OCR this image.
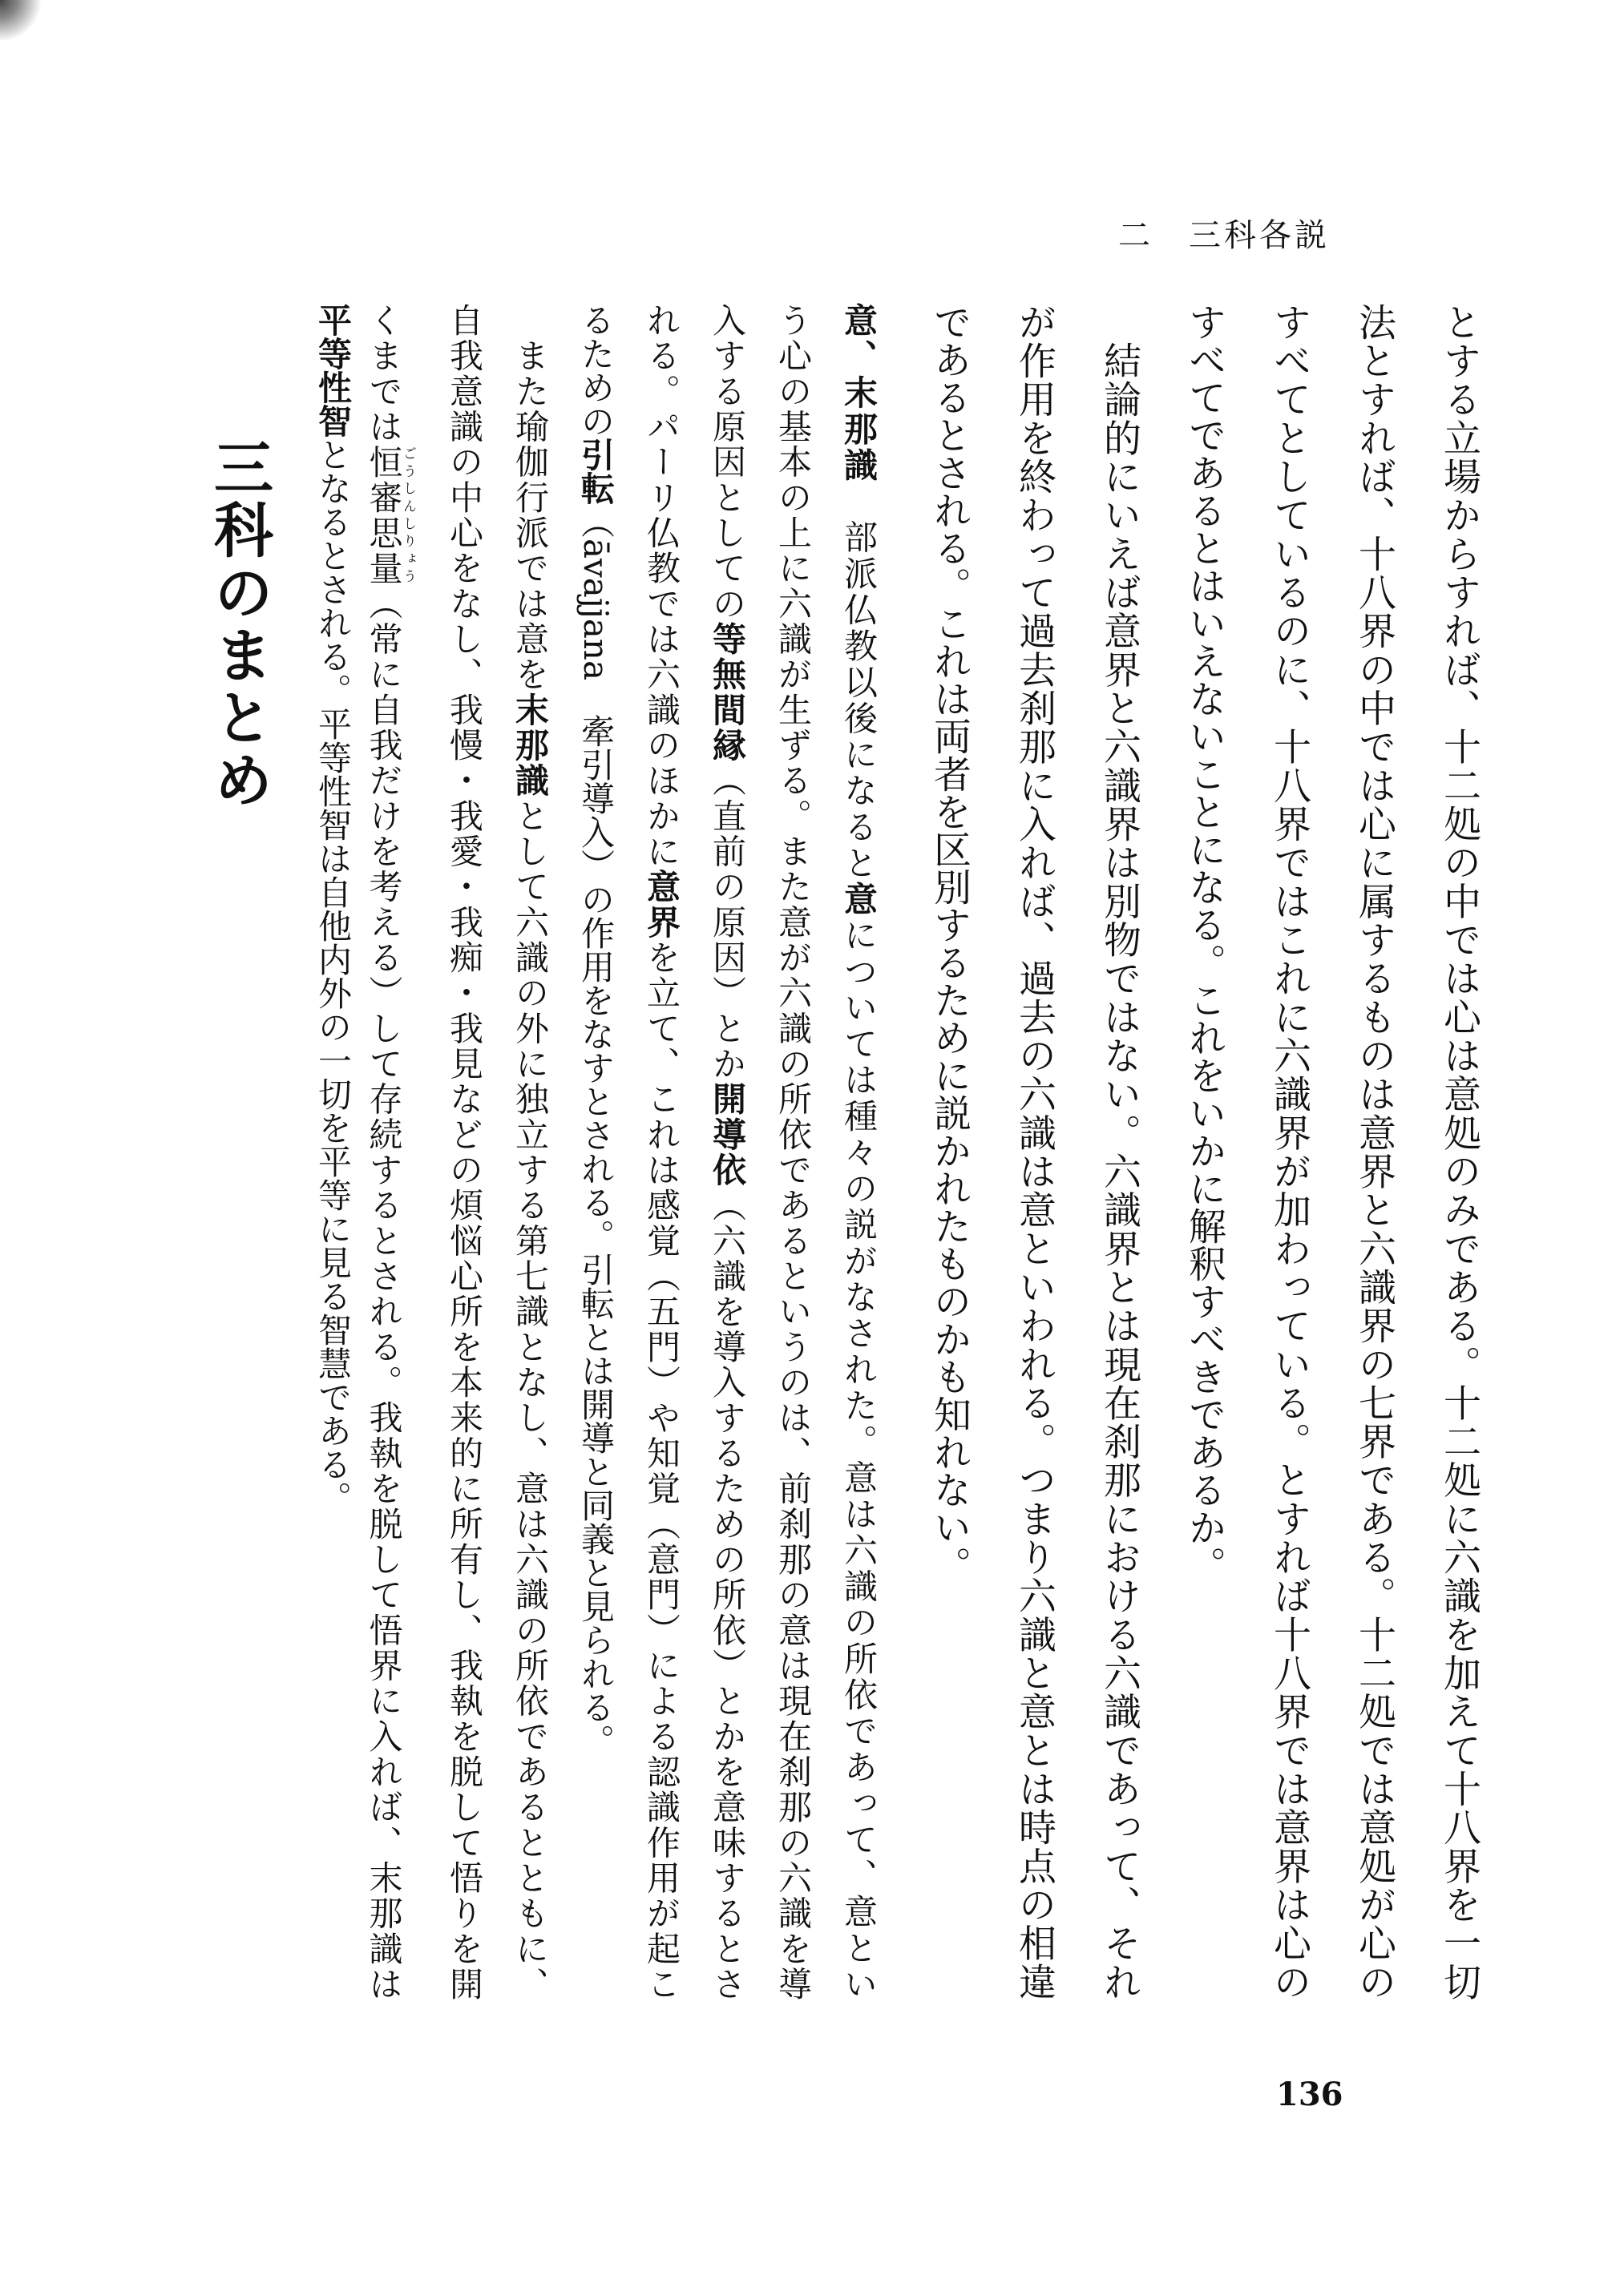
二　三科各説
三科のまとめ	とする立場からすれば、十二処の中では心は意処のみである。十二処に六識を加えて十八界を一切
法とすれば、十八界の中では心に属するものは意界と六識界の七界である。十二処では意処が心の
すべてとしているのに、十八界ではこれに六識界が加わっている。とすれば十八界では意界は心の
すべてであるとはいえないことになる。これをいかに解釈すべきであるか。
　結論的にいえば意界と六識界は別物ではない。六識界とは現在刹那における六識であって、それ
が作用を終わって過去刹那に入れば、過去の六識は意といわれる。つまり六識と意とは時点の相違
であるとされる。これは両者を区別するために説かれたものかも知れない。
意、末那識　部派仏教以後になると意については種々の説がなされた。意は六識の所依であって、意とい
う心の基本の上に六識が生ずる。また意が六識の所依であるというのは、前刹那の意は現在刹那の六識を導
入する原因としての等無間縁（直前の原因）とか開導依（六識を導入するための所依）とかを意味するとさ
れる。パーリ仏教では六識のほかに意界を立て、これは感覚（五門）や知覚（意門）による認識作用が起こ
るための引転（āvajjana　牽引導入）の作用をなすとされる。引転とは開導と同義と見られる。
　また瑜伽行派では意を末那識として六識の外に独立する第七識となし、意は六識の所依であるとともに、
自我意識の中心をなし、我慢・我愛・我痴・我見などの煩悩心所を本来的に所有し、我執を脱して悟りを開
くまでは恒審思量ごうしんしりょう（常に自我だけを考える）して存続するとされる。我執を脱して悟界に入れば、末那識は
平等性智となるとされる。平等性智は自他内外の一切を平等に見る智慧である。
136
